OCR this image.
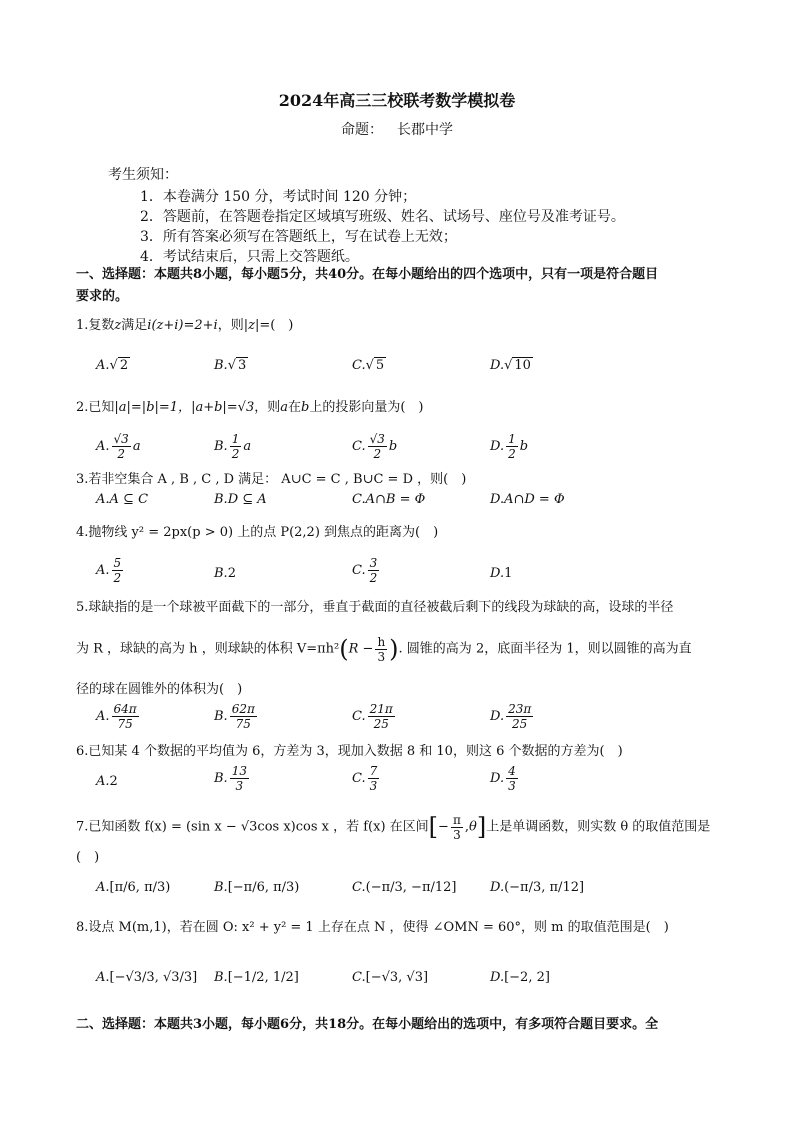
2024年高三三校联考数学模拟卷
命题： 长郡中学
考生须知：
1．本卷满分 150 分，考试时间 120 分钟；
2．答题前，在答题卷指定区域填写班级、姓名、试场号、座位号及准考证号。
3．所有答案必须写在答题纸上，写在试卷上无效；
4．考试结束后，只需上交答题纸。
一、选择题：本题共8小题，每小题5分，共40分。在每小题给出的四个选项中，只有一项是符合题目
要求的。
1.复数z满足i(z+i)=2+i，则|z|=(　)
A.√ 2	B.√ 3	C.√ 5	D.√ 10
2.已知|a|=|b|=1，|a+b|=√3，则a在b上的投影向量为(　)
A. $\frac{√3}{2}$ a	B. $\frac{1}{2}$ a	C. $\frac{√3}{2}$ b	D. $\frac{1}{2}$ b
3.若非空集合 A , B , C , D 满足： A∪C = C , B∪C = D ，则(　)
A.A ⊆ C	B.D ⊆ A	C.A∩B = Φ	D.A∩D = Φ
4.抛物线 y² = 2px(p > 0) 上的点 P(2,2) 到焦点的距离为(　)
A. $\frac{5}{2}$	B.2	C. $\frac{3}{2}$	D.1
5.球缺指的是一个球被平面截下的一部分，垂直于截面的直径被截后剩下的线段为球缺的高，设球的半径
为 R ，球缺的高为 h ，则球缺的体积 $V=\pi h^2(R - \frac{h}{3}$ ). 圆锥的高为 2，底面半径为 1，则以圆锥的高为直
径的球在圆锥外的体积为(　)
A. $\frac{64\pi}{75}$	B. $\frac{62\pi}{75}$	C. $\frac{21\pi}{25}$	D. $\frac{23\pi}{25}$
6.已知某 4 个数据的平均值为 6，方差为 3，现加入数据 8 和 10，则这 6 个数据的方差为(　)
A.2	B. $\frac{13}{3}$	C. $\frac{7}{3}$	D. $\frac{4}{3}$
7.已知函数 f(x) = (sin x − √3cos x)cos x ，若 f(x) 在区间[− $\frac{\pi}{3} ,\theta$]上是单调函数，则实数 θ 的取值范围是
(　)
A.[π/6, π/3)	B.[−π/6, π/3)	C.(−π/3, −π/12]	D.(−π/3, π/12]
8.设点 M(m,1)，若在圆 O: x² + y² = 1 上存在点 N ，使得 ∠OMN = 60°，则 m 的取值范围是(　)
A.[−√3/3, √3/3] B.[−1/2, 1/2]	C.[−√3, √3]	D.[−2, 2]
二、选择题：本题共3小题，每小题6分，共18分。在每小题给出的选项中，有多项符合题目要求。全
